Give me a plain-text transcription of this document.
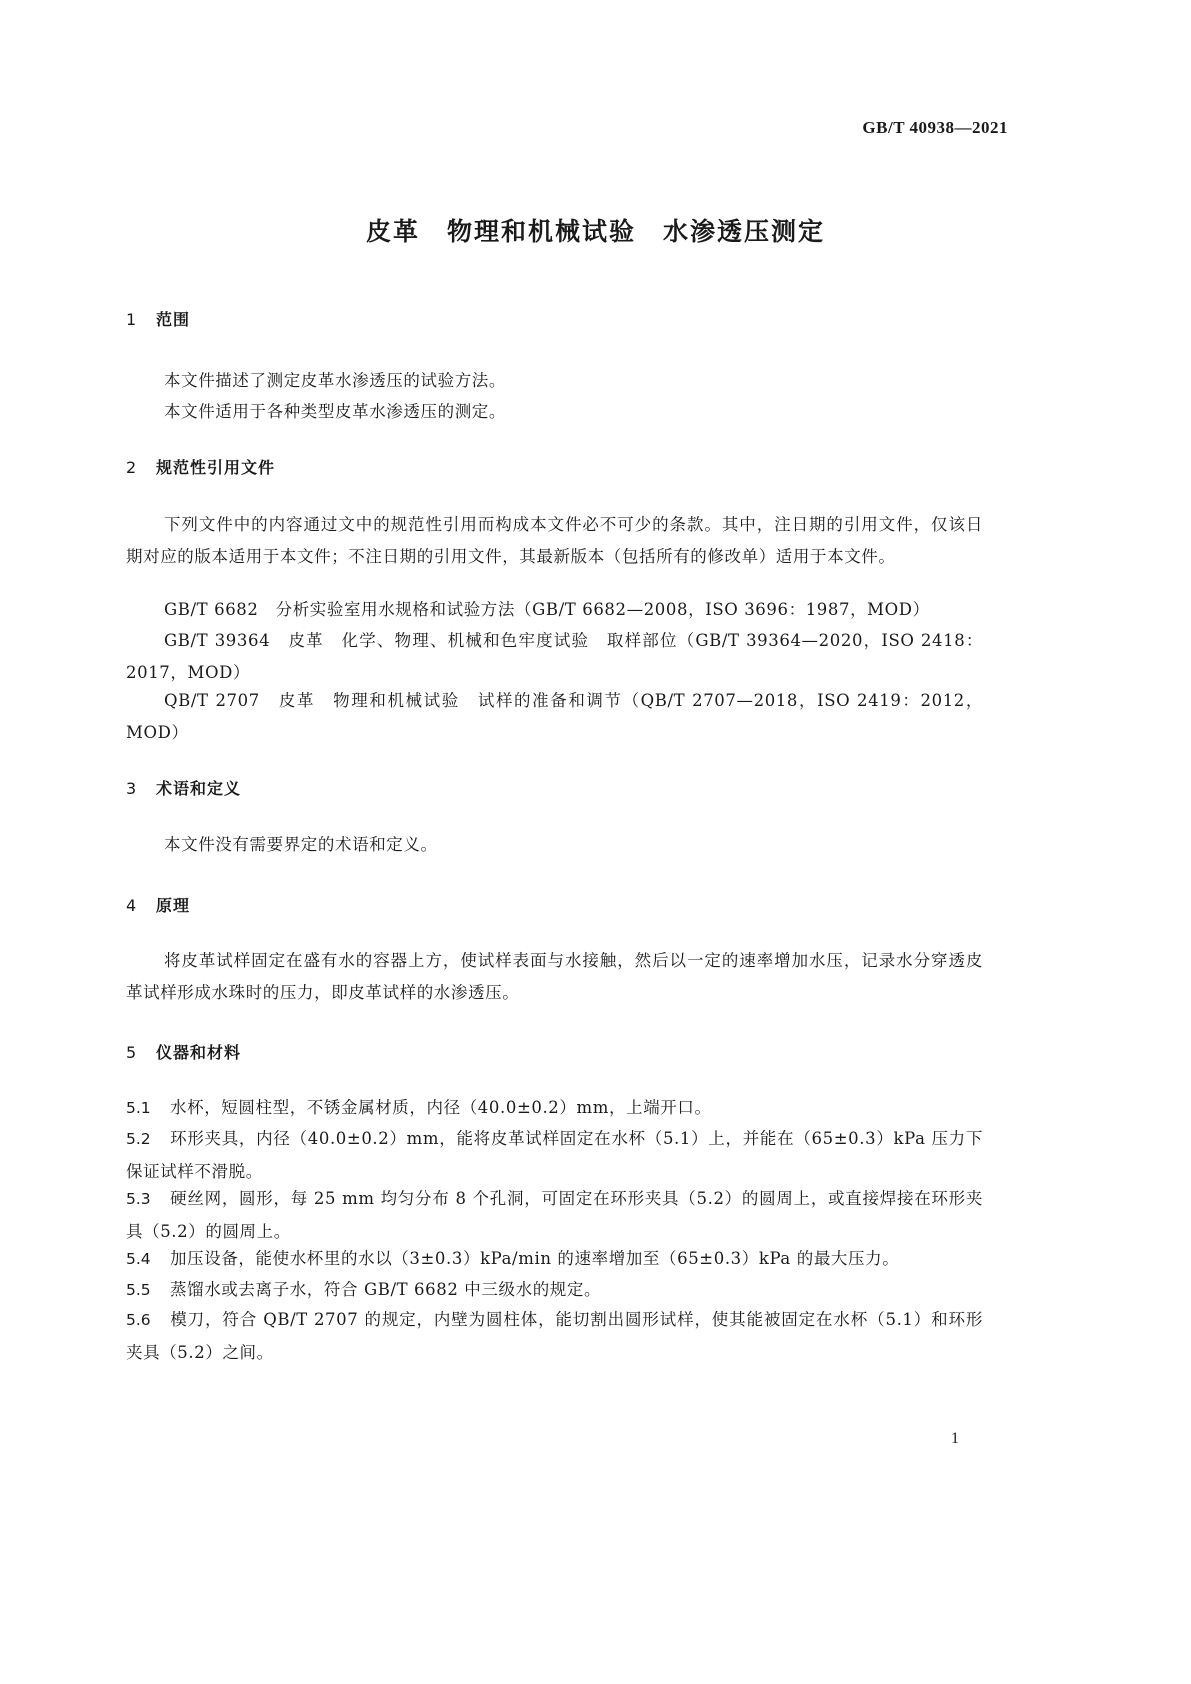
GB/T 40938—2021
皮革　物理和机械试验　水渗透压测定
1 范围
本文件描述了测定皮革水渗透压的试验方法。
本文件适用于各种类型皮革水渗透压的测定。
2 规范性引用文件
下列文件中的内容通过文中的规范性引用而构成本文件必不可少的条款。其中，注日期的引用文件，仅该日期对应的版本适用于本文件；不注日期的引用文件，其最新版本（包括所有的修改单）适用于本文件。
GB/T 6682　分析实验室用水规格和试验方法（GB/T 6682—2008，ISO 3696：1987，MOD）
GB/T 39364　皮革　化学、物理、机械和色牢度试验　取样部位（GB/T 39364—2020，ISO 2418：2017，MOD）
QB/T 2707　皮革　物理和机械试验　试样的准备和调节（QB/T 2707—2018，ISO 2419：2012，MOD）
3 术语和定义
本文件没有需要界定的术语和定义。
4 原理
将皮革试样固定在盛有水的容器上方，使试样表面与水接触，然后以一定的速率增加水压，记录水分穿透皮革试样形成水珠时的压力，即皮革试样的水渗透压。
5 仪器和材料
5.1 水杯，短圆柱型，不锈金属材质，内径（40.0±0.2）mm，上端开口。
5.2 环形夹具，内径（40.0±0.2）mm，能将皮革试样固定在水杯（5.1）上，并能在（65±0.3）kPa 压力下保证试样不滑脱。
5.3 硬丝网，圆形，每 25 mm 均匀分布 8 个孔洞，可固定在环形夹具（5.2）的圆周上，或直接焊接在环形夹具（5.2）的圆周上。
5.4 加压设备，能使水杯里的水以（3±0.3）kPa/min 的速率增加至（65±0.3）kPa 的最大压力。
5.5 蒸馏水或去离子水，符合 GB/T 6682 中三级水的规定。
5.6 模刀，符合 QB/T 2707 的规定，内壁为圆柱体，能切割出圆形试样，使其能被固定在水杯（5.1）和环形夹具（5.2）之间。
1
